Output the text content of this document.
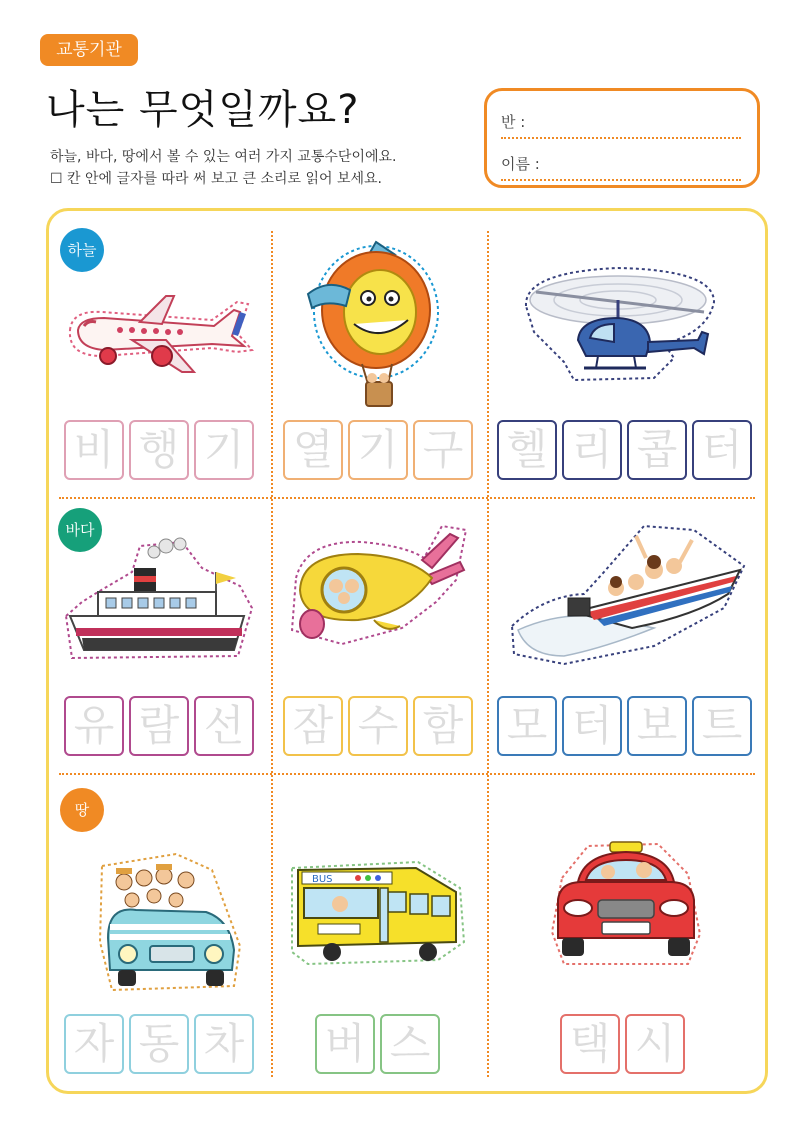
교통기관
나는 무엇일까요?

하늘, 바다, 땅에서 볼 수 있는 여러 가지 교통수단이에요.

☐ 칸 안에 글자를 따라 써 보고 큰 소리로 읽어 보세요.

반 :
이름 :
하늘
바다
땅
BUS
비 행 기 열 기 구 헬 리 콥 터
유 람 선 잠 수 함 모 터 보 트
자 동 차 버 스	택 시
